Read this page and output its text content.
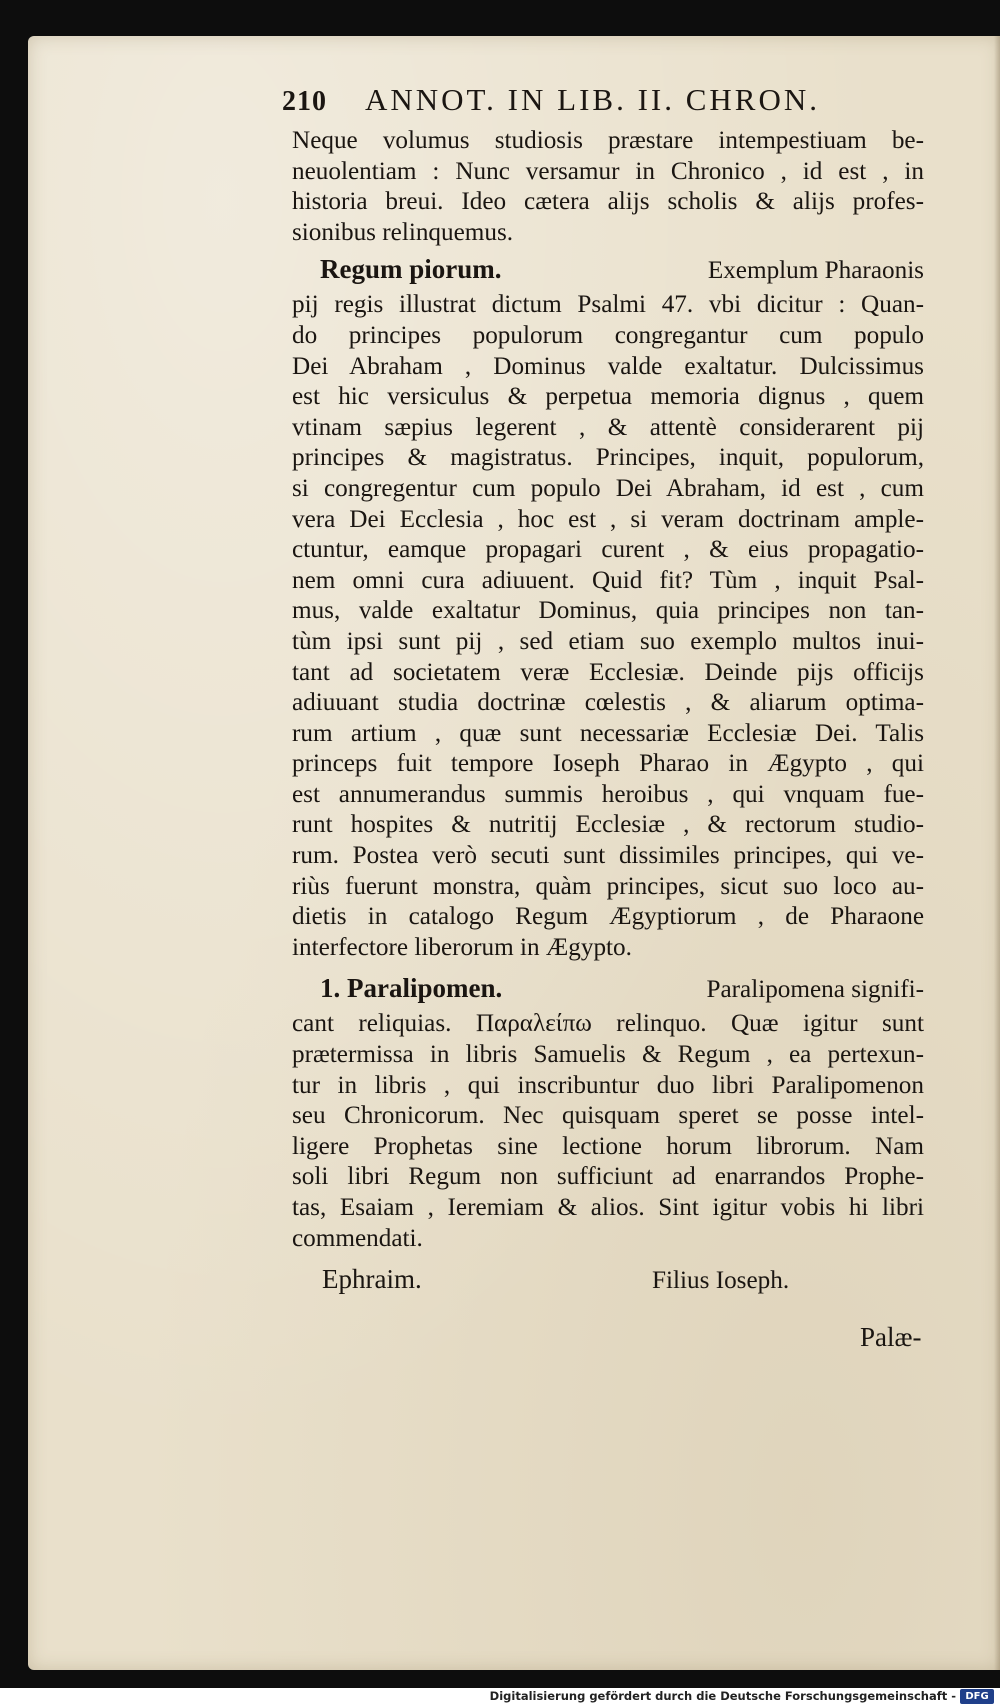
210 ANNOT. IN LIB. II. CHRON.
Neque volumus studiosis præstare intempestiuam be-
neuolentiam : Nunc versamur in Chronico , id est , in
historia breui. Ideo cætera alijs scholis & alijs profes-
sionibus relinquemus.
Regum piorum.	Exemplum Pharaonis
pij regis illustrat dictum Psalmi 47. vbi dicitur : Quan-
do principes populorum congregantur cum populo
Dei Abraham , Dominus valde exaltatur. Dulcissimus
est hic versiculus & perpetua memoria dignus , quem
vtinam sæpius legerent , & attentè considerarent pij
principes & magistratus. Principes, inquit, populorum,
si congregentur cum populo Dei Abraham, id est , cum
vera Dei Ecclesia , hoc est , si veram doctrinam ample-
ctuntur, eamque propagari curent , & eius propagatio-
nem omni cura adiuuent. Quid fit? Tùm , inquit Psal-
mus, valde exaltatur Dominus, quia principes non tan-
tùm ipsi sunt pij , sed etiam suo exemplo multos inui-
tant ad societatem veræ Ecclesiæ. Deinde pijs officijs
adiuuant studia doctrinæ cœlestis , & aliarum optima-
rum artium , quæ sunt necessariæ Ecclesiæ Dei. Talis
princeps fuit tempore Ioseph Pharao in Ægypto , qui
est annumerandus summis heroibus , qui vnquam fue-
runt hospites & nutritij Ecclesiæ , & rectorum studio-
rum. Postea verò secuti sunt dissimiles principes, qui ve-
riùs fuerunt monstra, quàm principes, sicut suo loco au-
dietis in catalogo Regum Ægyptiorum , de Pharaone
interfectore liberorum in Ægypto.
1. Paralipomen.	Paralipomena signifi-
cant reliquias. Παραλείπω relinquo. Quæ igitur sunt
prætermissa in libris Samuelis & Regum , ea pertexun-
tur in libris , qui inscribuntur duo libri Paralipomenon
seu Chronicorum. Nec quisquam speret se posse intel-
ligere Prophetas sine lectione horum librorum. Nam
soli libri Regum non sufficiunt ad enarrandos Prophe-
tas, Esaiam , Ieremiam & alios. Sint igitur vobis hi libri
commendati.
Ephraim.	Filius Ioseph.
Palæ-
Digitalisierung gefördert durch die Deutsche Forschungsgemeinschaft - DFG
